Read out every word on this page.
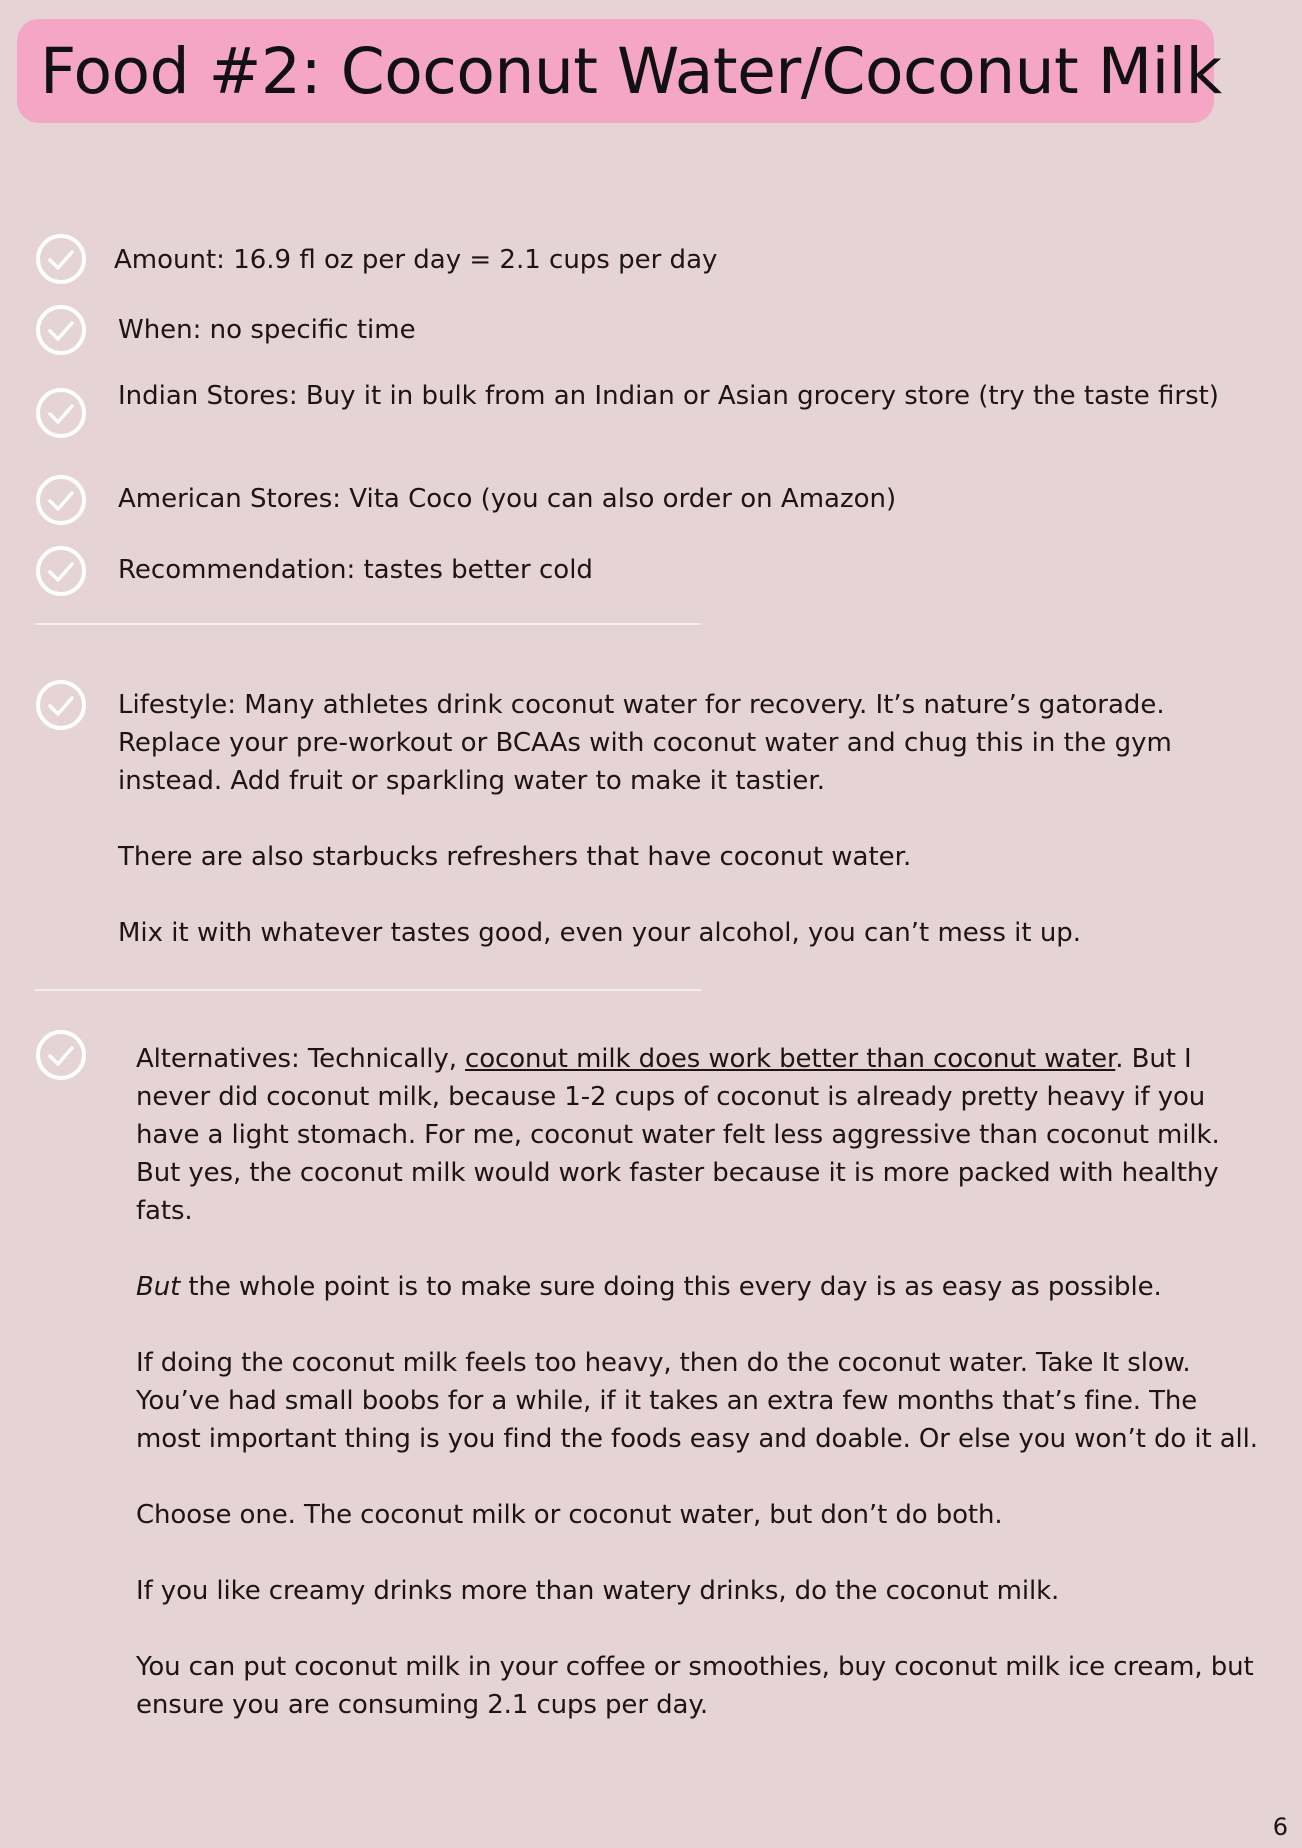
Food #2: Coconut Water/Coconut Milk

Amount: 16.9 fl oz per day = 2.1 cups per day

When: no specific time

Indian Stores: Buy it in bulk from an Indian or Asian grocery store (try the taste first)

American Stores: Vita Coco (you can also order on Amazon)

Recommendation: tastes better cold

Lifestyle: Many athletes drink coconut water for recovery. It’s nature’s gatorade. Replace your pre-workout or BCAAs with coconut water and chug this in the gym instead. Add fruit or sparkling water to make it tastier.

There are also starbucks refreshers that have coconut water.

Mix it with whatever tastes good, even your alcohol, you can’t mess it up.

Alternatives: Technically, coconut milk does work better than coconut water. But I never did coconut milk, because 1-2 cups of coconut is already pretty heavy if you have a light stomach. For me, coconut water felt less aggressive than coconut milk. But yes, the coconut milk would work faster because it is more packed with healthy fats.

But the whole point is to make sure doing this every day is as easy as possible.

If doing the coconut milk feels too heavy, then do the coconut water. Take It slow. You’ve had small boobs for a while, if it takes an extra few months that’s fine. The most important thing is you find the foods easy and doable. Or else you won’t do it all.

Choose one. The coconut milk or coconut water, but don’t do both.

If you like creamy drinks more than watery drinks, do the coconut milk.

You can put coconut milk in your coffee or smoothies, buy coconut milk ice cream, but ensure you are consuming 2.1 cups per day.

6
